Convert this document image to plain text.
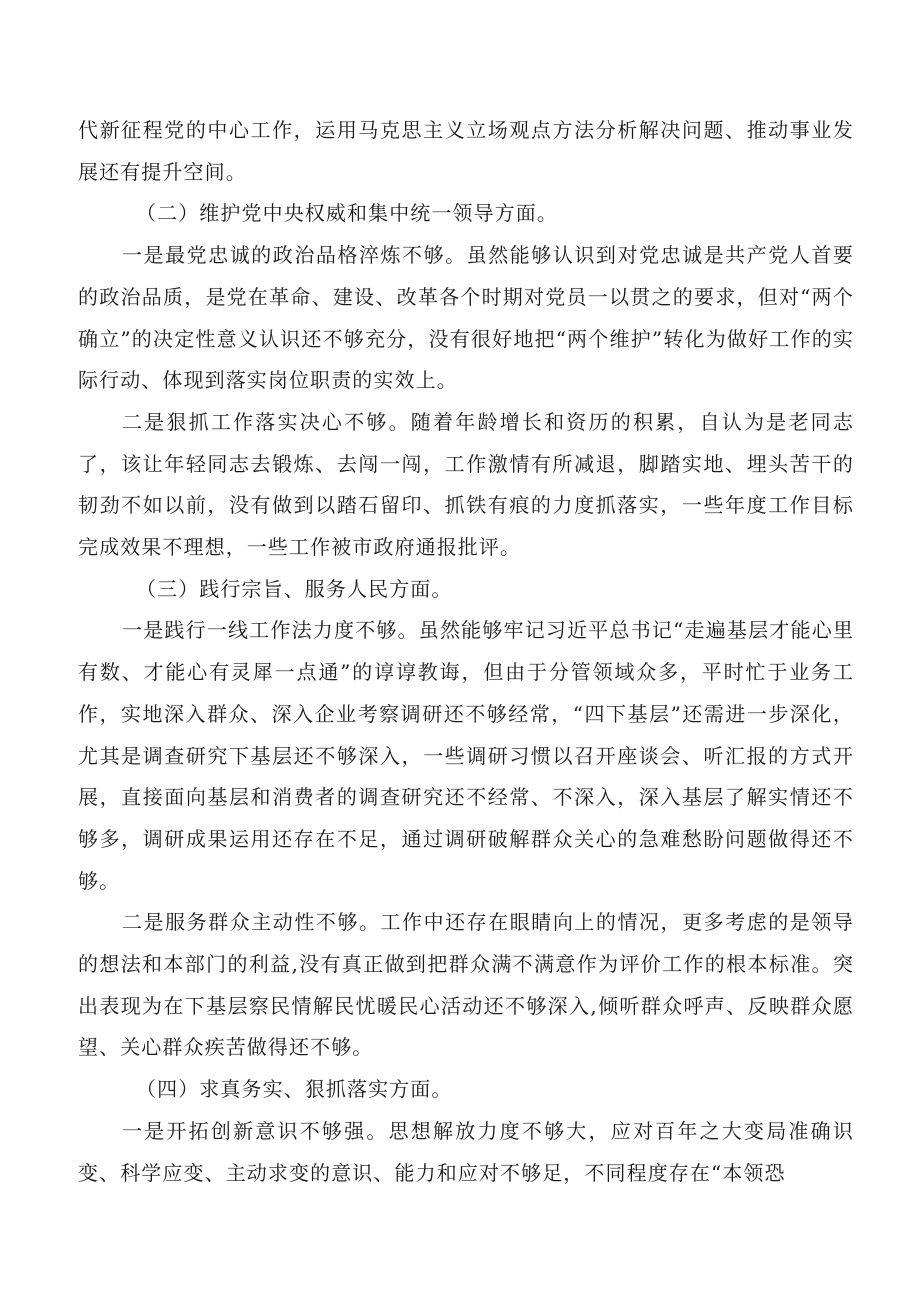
代新征程党的中心工作，运用马克思主义立场观点方法分析解决问题、推动事业发展还有提升空间。

（二）维护党中央权威和集中统一领导方面。

一是最党忠诚的政治品格淬炼不够。虽然能够认识到对党忠诚是共产党人首要的政治品质，是党在革命、建设、改革各个时期对党员一以贯之的要求，但对“两个确立”的决定性意义认识还不够充分，没有很好地把“两个维护”转化为做好工作的实际行动、体现到落实岗位职责的实效上。

二是狠抓工作落实决心不够。随着年龄增长和资历的积累，自认为是老同志了，该让年轻同志去锻炼、去闯一闯，工作激情有所减退，脚踏实地、埋头苦干的韧劲不如以前，没有做到以踏石留印、抓铁有痕的力度抓落实，一些年度工作目标完成效果不理想，一些工作被市政府通报批评。

（三）践行宗旨、服务人民方面。

一是践行一线工作法力度不够。虽然能够牢记习近平总书记“走遍基层才能心里有数、才能心有灵犀一点通”的谆谆教诲，但由于分管领域众多，平时忙于业务工作，实地深入群众、深入企业考察调研还不够经常，“四下基层”还需进一步深化，尤其是调查研究下基层还不够深入，一些调研习惯以召开座谈会、听汇报的方式开展，直接面向基层和消费者的调查研究还不经常、不深入，深入基层了解实情还不够多，调研成果运用还存在不足，通过调研破解群众关心的急难愁盼问题做得还不够。

二是服务群众主动性不够。工作中还存在眼睛向上的情况，更多考虑的是领导的想法和本部门的利益,没有真正做到把群众满不满意作为评价工作的根本标准。突出表现为在下基层察民情解民忧暖民心活动还不够深入,倾听群众呼声、反映群众愿望、关心群众疾苦做得还不够。

（四）求真务实、狠抓落实方面。

一是开拓创新意识不够强。思想解放力度不够大，应对百年之大变局准确识变、科学应变、主动求变的意识、能力和应对不够足，不同程度存在“本领恐
